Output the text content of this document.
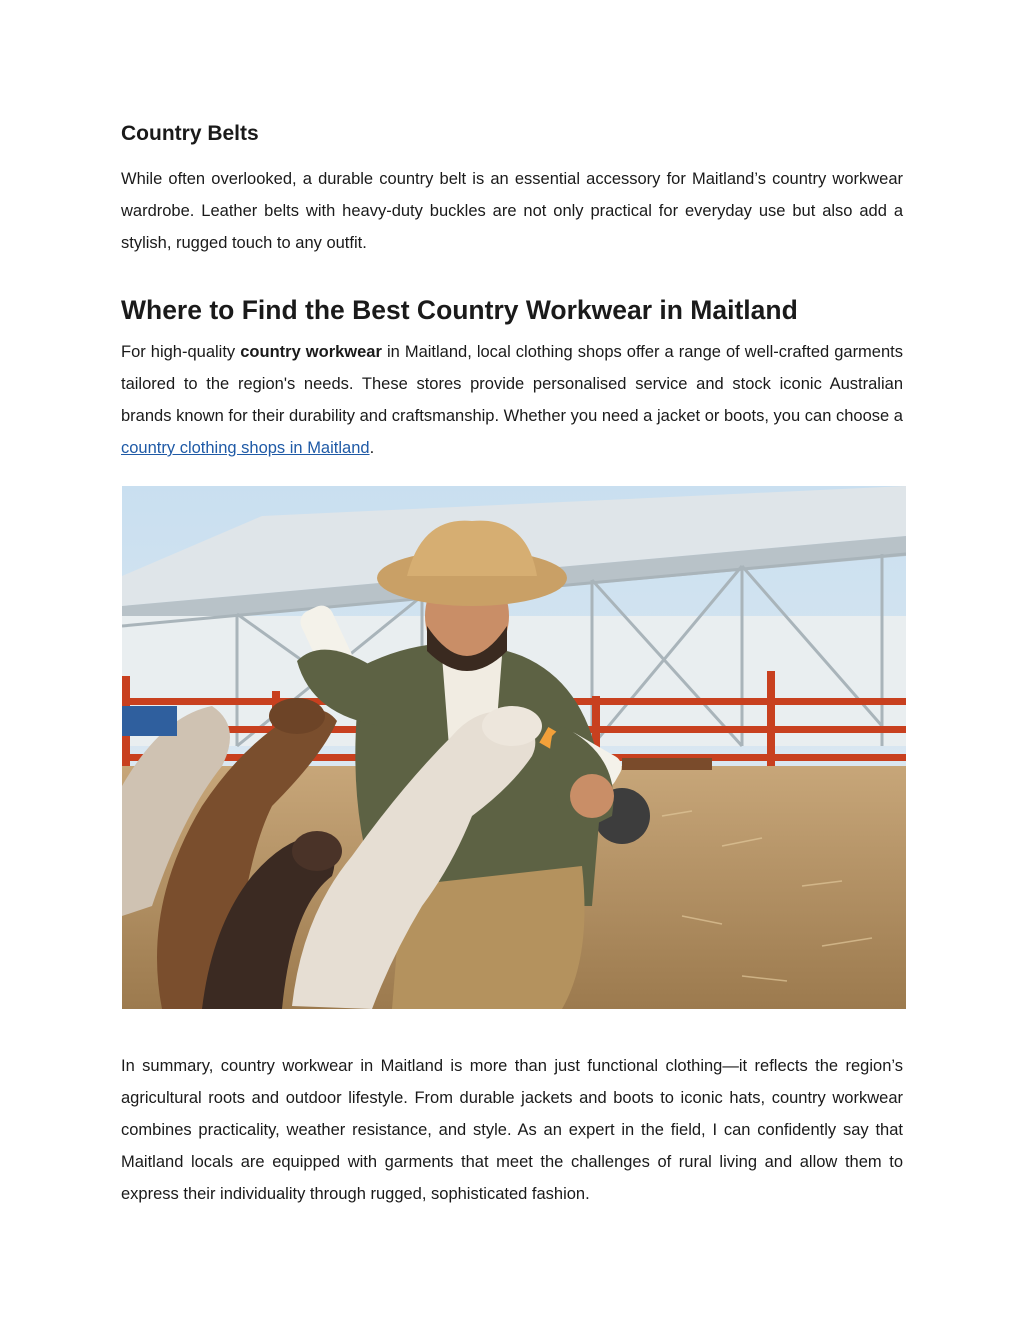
Country Belts

While often overlooked, a durable country belt is an essential accessory for Maitland’s country workwear wardrobe. Leather belts with heavy-duty buckles are not only practical for everyday use but also add a stylish, rugged touch to any outfit.

Where to Find the Best Country Workwear in Maitland

For high-quality country workwear in Maitland, local clothing shops offer a range of well-crafted garments tailored to the region's needs. These stores provide personalised service and stock iconic Australian brands known for their durability and craftsmanship. Whether you need a jacket or boots, you can choose a country clothing shops in Maitland.

In summary, country workwear in Maitland is more than just functional clothing—it reflects the region’s agricultural roots and outdoor lifestyle. From durable jackets and boots to iconic hats, country workwear combines practicality, weather resistance, and style. As an expert in the field, I can confidently say that Maitland locals are equipped with garments that meet the challenges of rural living and allow them to express their individuality through rugged, sophisticated fashion.
